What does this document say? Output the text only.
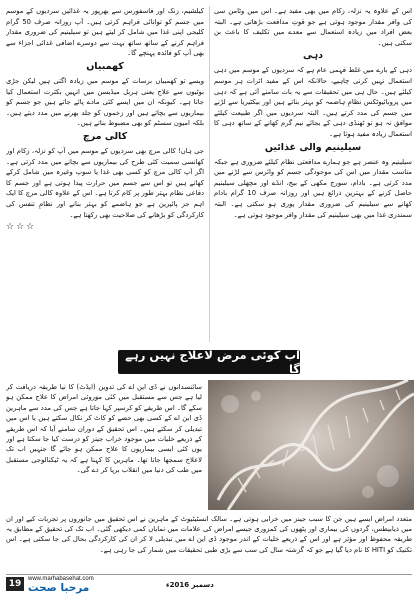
اس کے علاوہ یہ نزلہ، زکام میں بھی مفید ہے۔ اس میں وٹامن سی کی وافر مقدار موجود ہوتی ہے جو قوتِ مدافعت بڑھاتی ہے۔ البتہ بعض افراد میں زیادہ استعمال سے معدے میں تکلیف کا باعث بن سکتی ہیں۔

دہی

دہی کے بارے میں غلط فہمی عام ہے کہ سردیوں کے موسم میں دہی استعمال نہیں کرنی چاہیے، حالانکہ اس کے مفید اثرات ہر موسم کیلئے ہیں۔ حال ہی میں تحقیقات سے یہ بات سامنے آئی ہے کہ دہی میں پروبائیوٹکس نظامِ ہاضمہ کو بہتر بناتے ہیں اور بیکٹیریا سے لڑنے میں جسم کی مدد کرتے ہیں۔ البتہ سردیوں میں اگر طبیعت کیلئے موافق نہ ہو تو ٹھنڈی دہی کے بجائے نیم گرم کھانے کے ساتھ دہی کا استعمال زیادہ مفید ہوتا ہے۔

سیلینیم والی غذائیں

سیلینیم وہ عنصر ہے جو ہمارے مدافعتی نظام کیلئے ضروری ہے جبکہ مناسب مقدار میں اس کی موجودگی جسم کو وائرس سے لڑنے میں مدد کرتی ہے۔ بادام، سورج مکھی کے بیج، انڈے اور مچھلی سیلینیم حاصل کرنے کے بہترین ذرائع ہیں اور روزانہ صرف 10 گرام بادام کھانے سے سیلینیم کی ضروری مقدار پوری ہو سکتی ہے۔ البتہ سمندری غذا میں بھی سیلینیم کی مقدار وافر موجود ہوتی ہے۔

کیلشیم، زنک اور فاسفورس سے بھرپور یہ غذائیں سردیوں کے موسم میں جسم کو توانائی فراہم کرتی ہیں۔ آپ روزانہ صرف 50 گرام کلیجی اپنی غذا میں شامل کر لیتے ہیں تو سیلینیم کی ضروری مقدار فراہم کرنے کے ساتھ ساتھ بہت سے دوسرے اضافی غذائی اجزاء سے بھی آپ کو فائدہ پہنچے گا۔

کھمبیاں

ویسے تو کھمبیاں برسات کے موسم میں زیادہ اگتی ہیں لیکن جڑی بوٹیوں سے علاج یعنی ہربل میڈیسن میں انہیں بکثرت استعمال کیا جاتا ہے۔ کیونکہ ان میں ایسے کئی مادے پائے جاتے ہیں جو جسم کو بیماریوں سے بچاتے ہیں اور زخموں کو جلد بھرنے میں مدد دیتے ہیں۔ بلکہ امیون سسٹم کو بھی مضبوط بناتے ہیں۔

کالی مرچ

جی ہاں! کالی مرچ بھی سردیوں کے موسم میں آپ کو نزلہ، زکام اور کھانسی سمیت کئی طرح کی بیماریوں سے بچانے میں مدد کرتی ہے۔ اگر آپ کالی مرچ کو کسی بھی غذا یا سوپ وغیرہ میں شامل کرکے کھاتے ہیں تو اس سے جسم میں حرارت پیدا ہوتی ہے اور جسم کا دفاعی نظام بہتر طور پر کام کرتا ہے۔ اس کے علاوہ کالی مرچ کا ایک اہم جز پائپرین ہے جو ہاضمے کو بہتر بنانے اور نظامِ تنفس کی کارکردگی کو بڑھانے کی صلاحیت بھی رکھتا ہے۔

☆☆☆
اب کوئی مرض لاعلاج نہیں رہے گا
سائنسدانوں نے ڈی این اے کی تدوین (ایڈٹ) کا نیا طریقہ دریافت کر لیا ہے جس سے مستقبل میں کئی موروثی امراض کا علاج ممکن ہو سکے گا۔ اس طریقے کو کرسپر کہا جاتا ہے جس کی مدد سے ماہرین ڈی این اے کے کسی بھی حصے کو کاٹ کر نکال سکتے ہیں یا اس میں تبدیلی کر سکتے ہیں۔ اس تحقیق کے دوران سامنے آیا کہ اس طریقے کے ذریعے خلیات میں موجود خراب جینز کو درست کیا جا سکتا ہے اور یوں کئی ایسی بیماریوں کا علاج ممکن ہو جائے گا جنہیں اب تک لاعلاج سمجھا جاتا تھا۔ ماہرین کا کہنا ہے کہ یہ ٹیکنالوجی مستقبل میں طب کی دنیا میں انقلاب برپا کر دے گی۔
متعدد امراض ایسے ہیں جن کا سبب جینز میں خرابی ہوتی ہے۔ سالک انسٹیٹیوٹ کے ماہرین نے اس تحقیق میں جانوروں پر تجربات کیے اور ان میں ذیابیطس، گردوں کی بیماری اور پٹھوں کی کمزوری جیسے امراض کی علامات میں نمایاں کمی دیکھی گئی۔ اب تک کی تحقیق کے مطابق یہ طریقہ محفوظ اور مؤثر ہے اور اس کے ذریعے خلیات کے اندر موجود ڈی این اے میں تبدیلی لا کر ان کی کارکردگی بحال کی جا سکتی ہے۔ اس تکنیک کو HITI کا نام دیا گیا ہے جو کہ گزشتہ سال کی سب سے بڑی طبی تحقیقات میں شمار کی جا رہی ہے۔
19	www.marhabasehat.com
مرحبا صحت	دسمبر 2016ء
